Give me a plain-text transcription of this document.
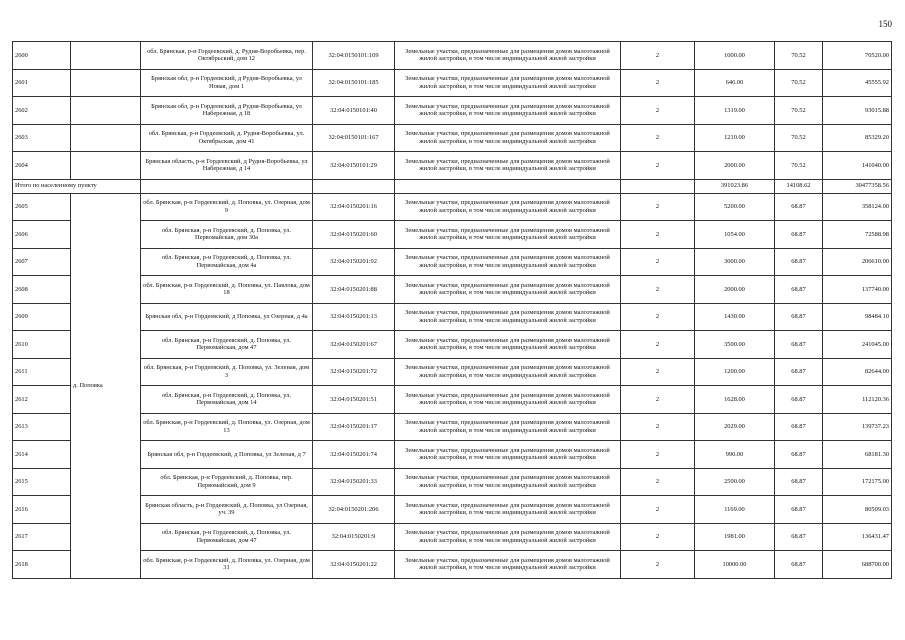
150
2600		обл. Брянская, р-н Гордеевский, д. Рудня-Воробьевка, пер. Октябрьский, дом 12	32:04:0150101:109	Земельные участки, предназначенные для размещения домов малоэтажной жилой застройки, в том числе индивидуальной жилой застройки	2	1000.00	70.52	70520.00
2601		Брянская обл, р-н Гордеевский, д Рудня-Воробьевка, ул Новая, дом 1	32:04:0150101:185	Земельные участки, предназначенные для размещения домов малоэтажной жилой застройки, в том числе индивидуальной жилой застройки	2	646.00	70.52	45555.92
2602		Брянская обл, р-н Гордеевский, д Рудня-Воробьевка, ул Набережная, д 18	32:04:0150101:40	Земельные участки, предназначенные для размещения домов малоэтажной жилой застройки, в том числе индивидуальной жилой застройки	2	1319.00	70.52	93015.88
2603		обл. Брянская, р-н Гордеевский, д. Рудня-Воробьевка, ул. Октябрьская, дом 41	32:04:0150101:167	Земельные участки, предназначенные для размещения домов малоэтажной жилой застройки, в том числе индивидуальной жилой застройки	2	1210.00	70.52	85329.20
2604		Брянская область, р-н Гордеевский, д Рудня-Воробьевка, ул Набережная, д 14	32:04:0150101:29	Земельные участки, предназначенные для размещения домов малоэтажной жилой застройки, в том числе индивидуальной жилой застройки	2	2000.00	70.52	141040.00
Итого по населенному пункту						391023.86	14108.62	30477358.56
2605	д. Поповка	обл. Брянская, р-н Гордеевский, д. Поповка, ул. Озерная, дом 9	32:04:0150201:16	Земельные участки, предназначенные для размещения домов малоэтажной жилой застройки, в том числе индивидуальной жилой застройки	2	5200.00	68.87	358124.00
2606		обл. Брянская, р-н Гордеевский, д. Поповка, ул. Первомайская, дом 30а	32:04:0150201:60	Земельные участки, предназначенные для размещения домов малоэтажной жилой застройки, в том числе индивидуальной жилой застройки	2	1054.00	68.87	72588.98
2607		обл. Брянская, р-н Гордеевский, д. Поповка, ул. Первомайская, дом 4а	32:04:0150201:92	Земельные участки, предназначенные для размещения домов малоэтажной жилой застройки, в том числе индивидуальной жилой застройки	2	3000.00	68.87	206610.00
2608		обл. Брянская, р-н Гордеевский, д. Поповка, ул. Павлова, дом 18	32:04:0150201:88	Земельные участки, предназначенные для размещения домов малоэтажной жилой застройки, в том числе индивидуальной жилой застройки	2	2000.00	68.87	137740.00
2609		Брянская обл, р-н Гордеевский, д Поповка, ул Озерная, д 4а	32:04:0150201:13	Земельные участки, предназначенные для размещения домов малоэтажной жилой застройки, в том числе индивидуальной жилой застройки	2	1430.00	68.87	98484.10
2610		обл. Брянская, р-н Гордеевский, д. Поповка, ул. Первомайская, дом 47	32:04:0150201:67	Земельные участки, предназначенные для размещения домов малоэтажной жилой застройки, в том числе индивидуальной жилой застройки	2	3500.00	68.87	241045.00
2611		обл. Брянская, р-н Гордеевский, д. Поповка, ул. Зеленая, дом 3	32:04:0150201:72	Земельные участки, предназначенные для размещения домов малоэтажной жилой застройки, в том числе индивидуальной жилой застройки	2	1200.00	68.87	82644.00
2612		обл. Брянская, р-н Гордеевский, д. Поповка, ул. Первомайская, дом 14	32:04:0150201:51	Земельные участки, предназначенные для размещения домов малоэтажной жилой застройки, в том числе индивидуальной жилой застройки	2	1628.00	68.87	112120.36
2613		обл. Брянская, р-н Гордеевский, д. Поповка, ул. Озерная, дом 13	32:04:0150201:17	Земельные участки, предназначенные для размещения домов малоэтажной жилой застройки, в том числе индивидуальной жилой застройки	2	2029.00	68.87	139737.23
2614		Брянская обл, р-н Гордеевский, д Поповка, ул Зеленая, д 7	32:04:0150201:74	Земельные участки, предназначенные для размещения домов малоэтажной жилой застройки, в том числе индивидуальной жилой застройки	2	990.00	68.87	68181.30
2615		обл. Брянская, р-н Гордеевский, д. Поповка, пер. Первомайский, дом 9	32:04:0150201:33	Земельные участки, предназначенные для размещения домов малоэтажной жилой застройки, в том числе индивидуальной жилой застройки	2	2500.00	68.87	172175.00
2616		Брянская область, р-н Гордеевский, д. Поповка, ул Озерная, уч. 39	32:04:0150201:206	Земельные участки, предназначенные для размещения домов малоэтажной жилой застройки, в том числе индивидуальной жилой застройки	2	1169.00	68.87	80509.03
2617		обл. Брянская, р-н Гордеевский, д. Поповка, ул. Первомайская, дом 47	32:04:0150201:9	Земельные участки, предназначенные для размещения домов малоэтажной жилой застройки, в том числе индивидуальной жилой застройки	2	1981.00	68.87	136431.47
2618		обл. Брянская, р-н Гордеевский, д. Поповка, ул. Озерная, дом 31	32:04:0150201:22	Земельные участки, предназначенные для размещения домов малоэтажной жилой застройки, в том числе индивидуальной жилой застройки	2	10000.00	68.87	688700.00
